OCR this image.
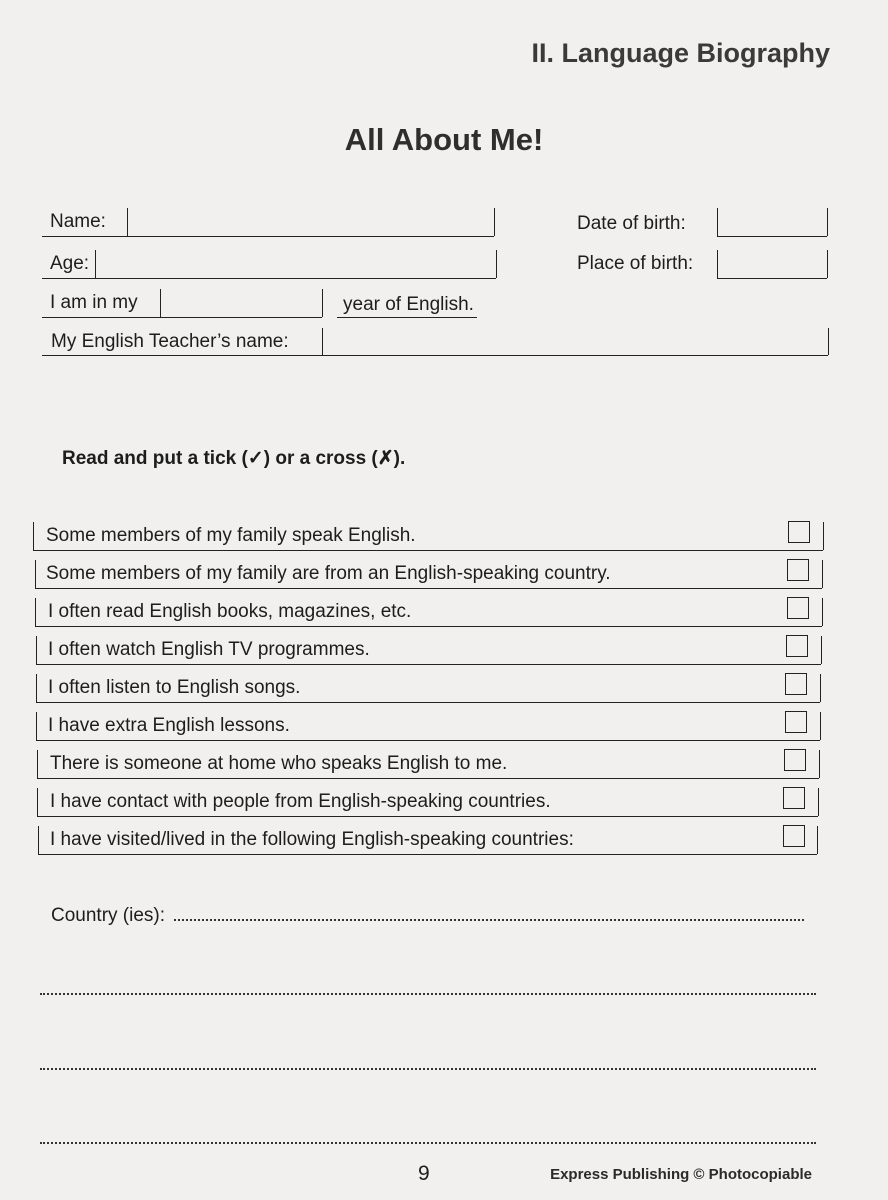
II. Language Biography
All About Me!
Name:	Date of birth:
Age:	Place of birth:
I am in my	year of English.
My English Teacher’s name:
Read and put a tick (✓) or a cross (✗).
Some members of my family speak English.
Some members of my family are from an English-speaking country.
I often read English books, magazines, etc.
I often watch English TV programmes.
I often listen to English songs.
I have extra English lessons.
There is someone at home who speaks English to me.
I have contact with people from English-speaking countries.
I have visited/lived in the following English-speaking countries:
Country (ies):
9	Express Publishing © Photocopiable
